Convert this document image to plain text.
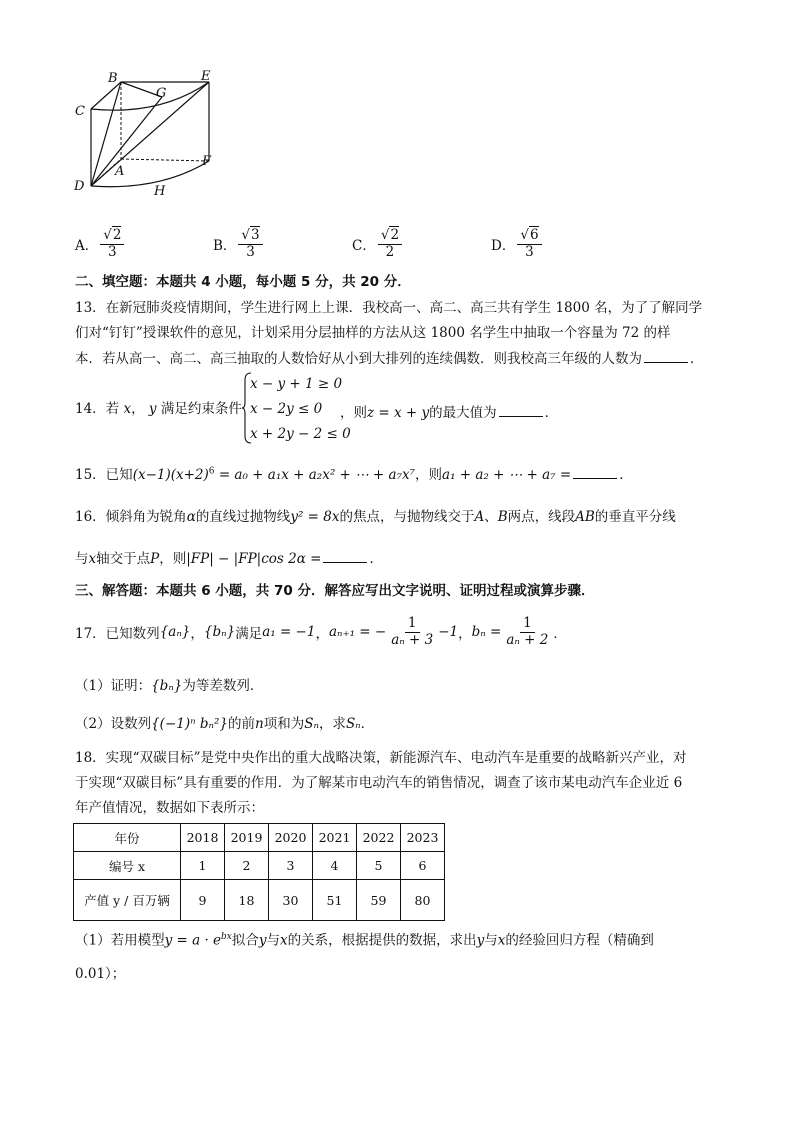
B	E
C
G
A
F
D	H
A． $\frac{√2}{3}$	B． $\frac{√3}{3}$	C． $\frac{√2}{2}$	D． $\frac{√6}{3}$
二、填空题：本题共 4 小题，每小题 5 分，共 20 分．
13．在新冠肺炎疫情期间，学生进行网上上课．我校高一、高二、高三共有学生 1800 名，为了了解同学
们对“钉钉”授课软件的意见，计划采用分层抽样的方法从这 1800 名学生中抽取一个容量为 72 的样
本．若从高一、高二、高三抽取的人数恰好从小到大排列的连续偶数．则我校高三年级的人数为	．
14．若 x， y 满足约束条件
x − y + 1 ≥ 0
x − 2y ≤ 0
x + 2y − 2 ≤ 0
，则z = x + y的最大值为	．
15．已知$(x-1)(x+2)^6 = a_0 + a_1x + a_2x^2$ + ⋯ + a₇x⁷，则a₁ + a₂ + ⋯ + a₇ =	．
16．倾斜角为锐角α的直线过抛物线y² = 8x的焦点，与抛物线交于A、B两点，线段AB的垂直平分线
与x轴交于点P，则|FP| − |FP|cos 2α =	．
三、解答题：本题共 6 小题，共 70 分．解答应写出文字说明、证明过程或演算步骤．
17．已知数列 {aₙ} ， {bₙ} 满足 a₁ = −1 ， aₙ₊₁ = − $\frac{1}{\text{aₙ + 3}} -1$ ， $b_n = \frac{1}{\text{aₙ + 2}}$ ．
（1）证明：{bₙ}为等差数列．
（2）设数列{(−1)ⁿ bₙ²}的前n项和为Sₙ，求Sₙ．
18．实现“双碳目标”是党中央作出的重大战略决策，新能源汽车、电动汽车是重要的战略新兴产业，对
于实现“双碳目标”具有重要的作用．为了解某市电动汽车的销售情况，调查了该市某电动汽车企业近 6
年产值情况，数据如下表所示：
年份	2018	2019	2020	2021	2022	2023
编号 x	1	2	3	4	5	6
产值 y / 百万辆	9	18	30	51	59	80
（1）若用模型$y = a \cdot e^{bx}$拟合y与x的关系，根据提供的数据，求出y与x的经验回归方程（精确到
0.01）；
